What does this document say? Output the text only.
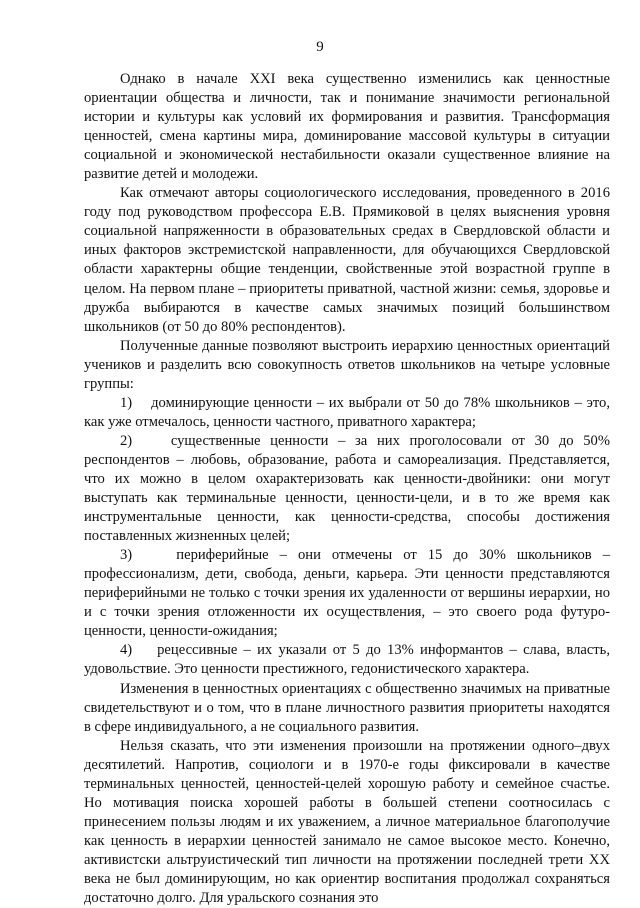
9

Однако в начале XXI века существенно изменились как ценностные ориентации общества и личности, так и понимание значимости региональной истории и культуры как условий их формирования и развития. Трансформация ценностей, смена картины мира, доминирование массовой культуры в ситуации социальной и экономической нестабильности оказали существенное влияние на развитие детей и молодежи.

Как отмечают авторы социологического исследования, проведенного в 2016 году под руководством профессора Е.В. Прямиковой в целях выяснения уровня социальной напряженности в образовательных средах в Свердловской области и иных факторов экстремистской направленности, для обучающихся Свердловской области характерны общие тенденции, свойственные этой возрастной группе в целом. На первом плане – приоритеты приватной, частной жизни: семья, здоровье и дружба выбираются в качестве самых значимых позиций большинством школьников (от 50 до 80% респондентов).

Полученные данные позволяют выстроить иерархию ценностных ориентаций учеников и разделить всю совокупность ответов школьников на четыре условные группы:

1)    доминирующие ценности – их выбрали от 50 до 78% школьников – это, как уже отмечалось, ценности частного, приватного характера;

2)    существенные ценности – за них проголосовали от 30 до 50% респондентов – любовь, образование, работа и самореализация. Представляется, что их можно в целом охарактеризовать как ценности-двойники: они могут выступать как терминальные ценности, ценности-цели, и в то же время как инструментальные ценности, как ценности-средства, способы достижения поставленных жизненных целей;

3)    периферийные – они отмечены от 15 до 30% школьников – профессионализм, дети, свобода, деньги, карьера. Эти ценности представляются периферийными не только с точки зрения их удаленности от вершины иерархии, но и с точки зрения отложенности их осуществления, – это своего рода футуро-ценности, ценности-ожидания;

4)    рецессивные – их указали от 5 до 13% информантов – слава, власть, удовольствие. Это ценности престижного, гедонистического характера.

Изменения в ценностных ориентациях с общественно значимых на приватные свидетельствуют и о том, что в плане личностного развития приоритеты находятся в сфере индивидуального, а не социального развития.

Нельзя сказать, что эти изменения произошли на протяжении одного–двух десятилетий. Напротив, социологи и в 1970-е годы фиксировали в качестве терминальных ценностей, ценностей-целей хорошую работу и семейное счастье. Но мотивация поиска хорошей работы в большей степени соотносилась с принесением пользы людям и их уважением, а личное материальное благополучие как ценность в иерархии ценностей занимало не самое высокое место. Конечно, активистски альтруистический тип личности на протяжении последней трети ХХ века не был доминирующим, но как ориентир воспитания продолжал сохраняться достаточно долго. Для уральского сознания это
